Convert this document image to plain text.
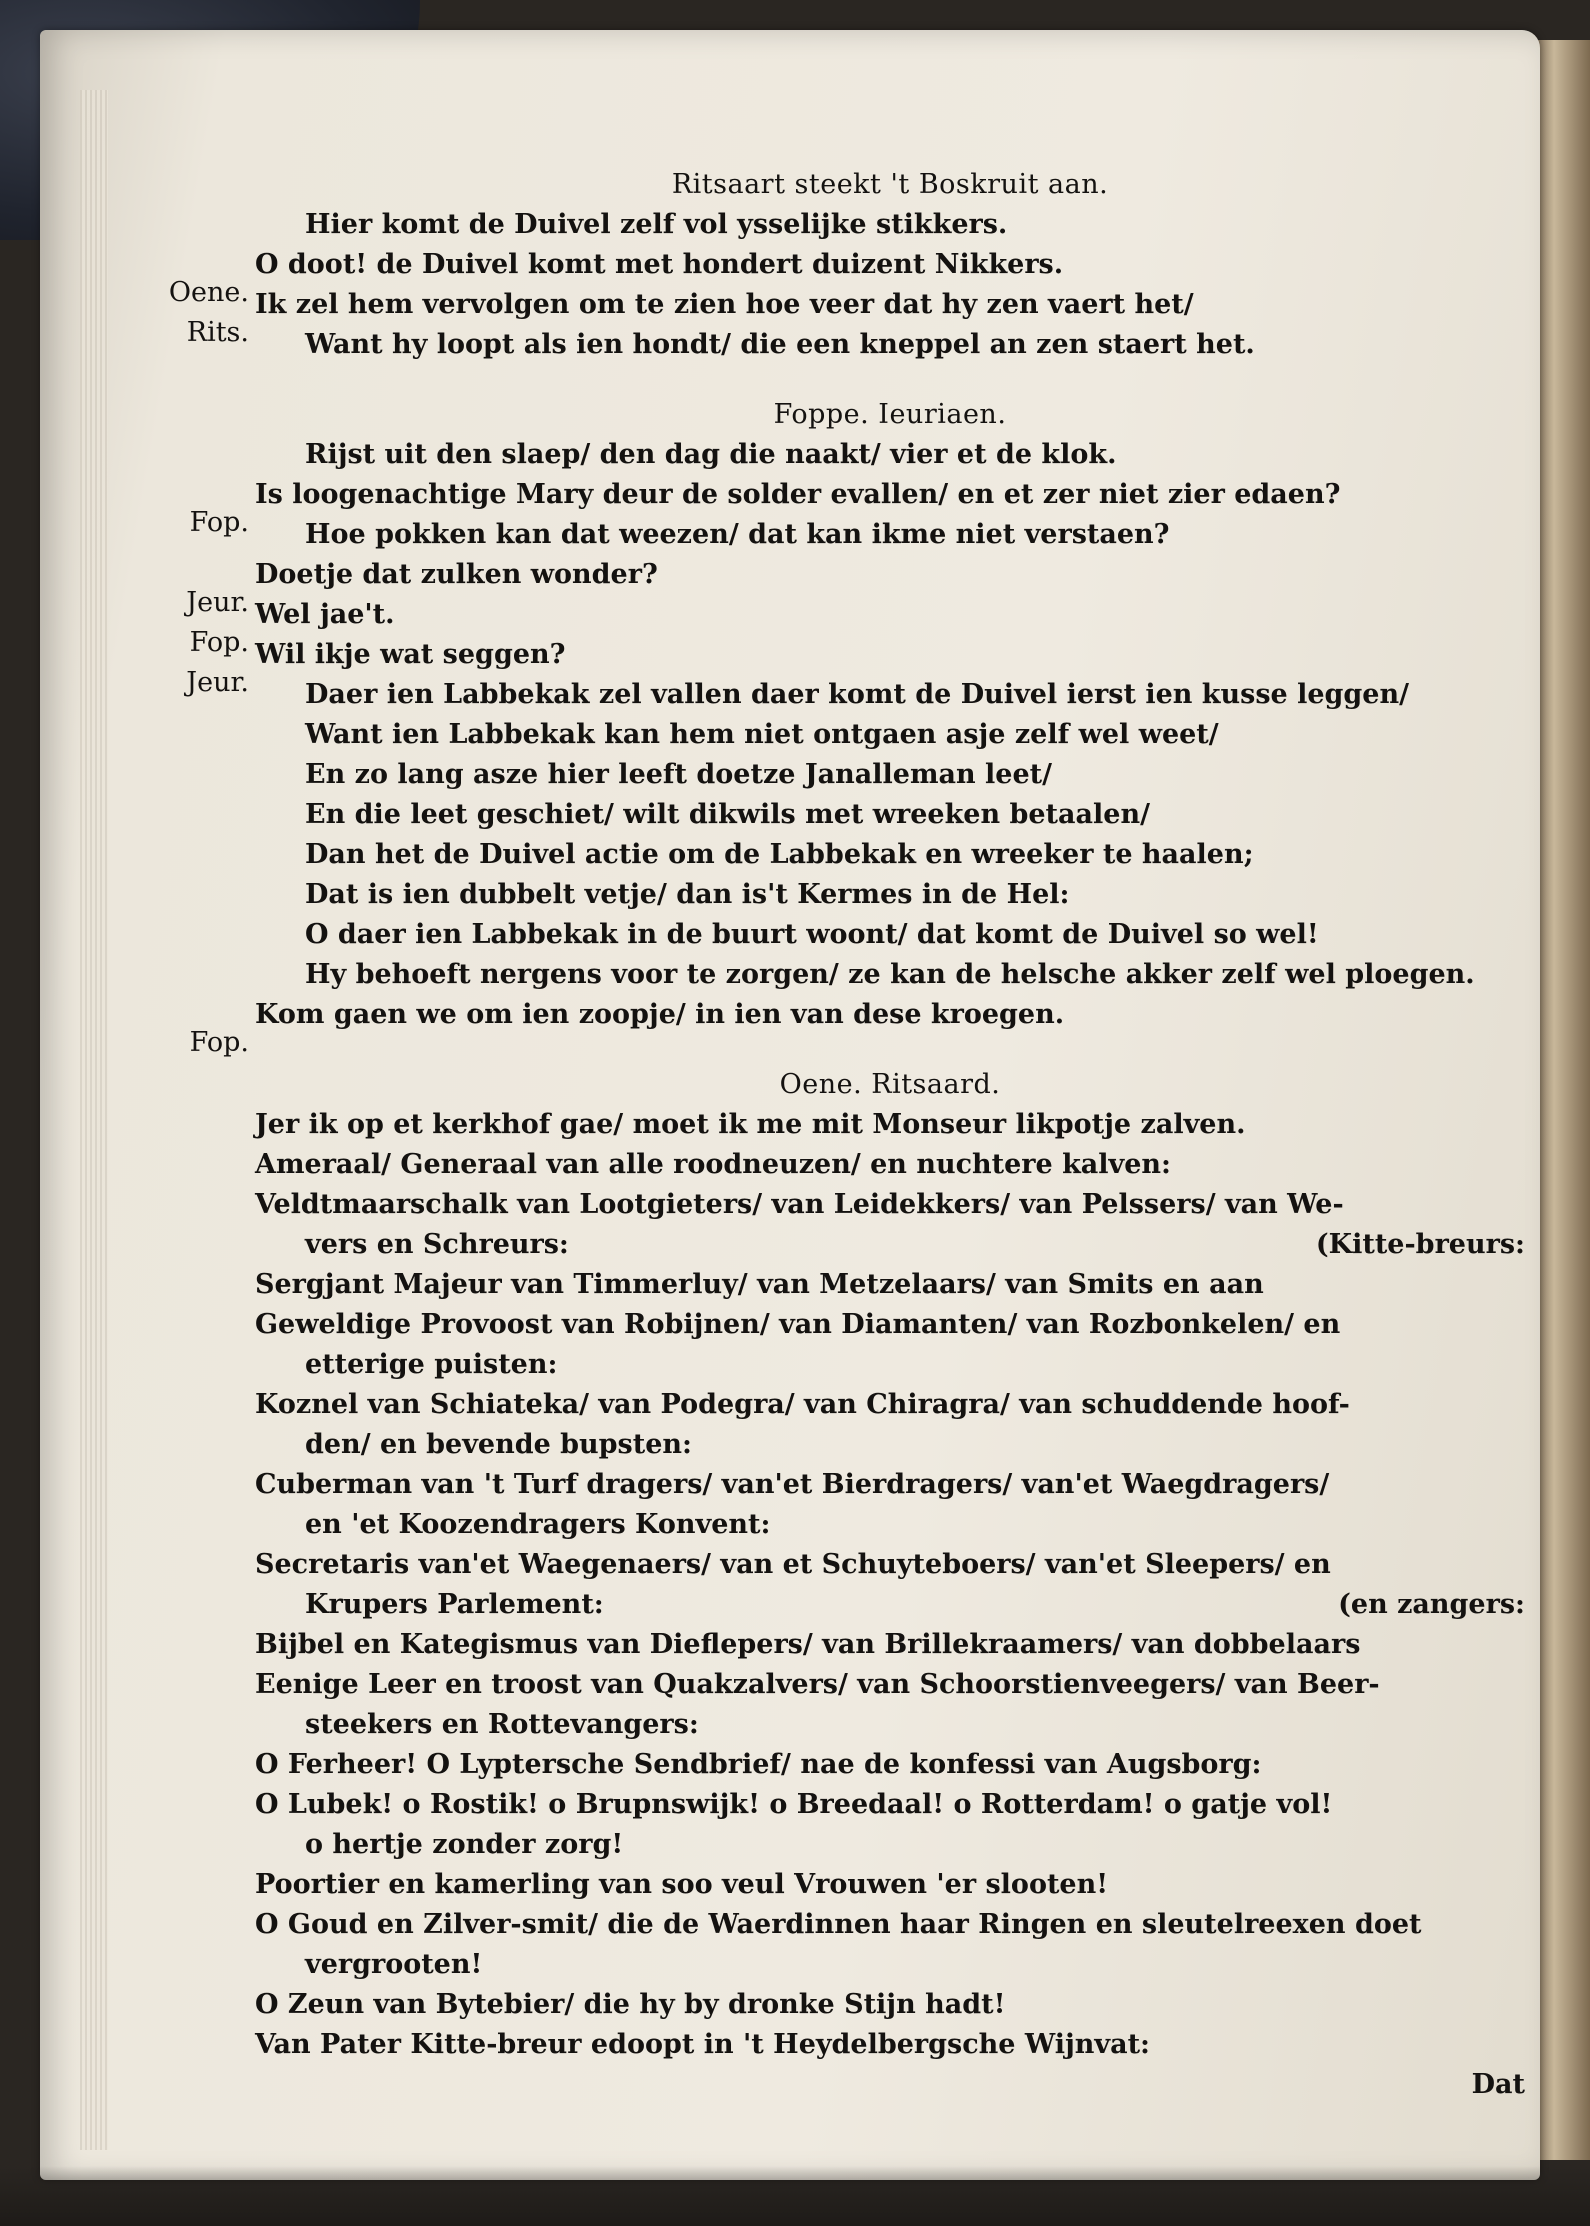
Ritsaart steekt 't Boskruit aan.
Hier komt de Duivel zelf vol ysselijke stikkers.
Oene.
O doot! de Duivel komt met hondert duizent Nikkers.
Rits.
Ik zel hem vervolgen om te zien hoe veer dat hy zen vaert het/
Want hy loopt als ien hondt/ die een kneppel an zen staert het.
Foppe. Ieuriaen.
Rijst uit den slaep/ den dag die naakt/ vier et de klok.
Fop.
Is loogenachtige Mary deur de solder evallen/ en et zer niet zier edaen?
Hoe pokken kan dat weezen/ dat kan ikme niet verstaen?
Jeur.
Doetje dat zulken wonder?
Fop.
Wel jae't.
Jeur.
Wil ikje wat seggen?
Daer ien Labbekak zel vallen daer komt de Duivel ierst ien kusse leggen/
Want ien Labbekak kan hem niet ontgaen asje zelf wel weet/
En zo lang asze hier leeft doetze Janalleman leet/
En die leet geschiet/ wilt dikwils met wreeken betaalen/
Dan het de Duivel actie om de Labbekak en wreeker te haalen;
Dat is ien dubbelt vetje/ dan is't Kermes in de Hel:
O daer ien Labbekak in de buurt woont/ dat komt de Duivel so wel!
Hy behoeft nergens voor te zorgen/ ze kan de helsche akker zelf wel ploegen.
Fop.
Kom gaen we om ien zoopje/ in ien van dese kroegen.
Oene. Ritsaard.
Jer ik op et kerkhof gae/ moet ik me mit Monseur likpotje zalven.
Ameraal/ Generaal van alle roodneuzen/ en nuchtere kalven:
Veldtmaarschalk van Lootgieters/ van Leidekkers/ van Pelssers/ van We-
vers en Schreurs:	(Kitte-breurs:
Sergjant Majeur van Timmerluy/ van Metzelaars/ van Smits en aan
Geweldige Provoost van Robijnen/ van Diamanten/ van Rozbonkelen/ en
etterige puisten:
Koznel van Schiateka/ van Podegra/ van Chiragra/ van schuddende hoof-
den/ en bevende bupsten:
Cuberman van 't Turf dragers/ van'et Bierdragers/ van'et Waegdragers/
en 'et Koozendragers Konvent:
Secretaris van'et Waegenaers/ van et Schuyteboers/ van'et Sleepers/ en
Krupers Parlement:	(en zangers:
Bijbel en Kategismus van Dieflepers/ van Brillekraamers/ van dobbelaars
Eenige Leer en troost van Quakzalvers/ van Schoorstienveegers/ van Beer-
steekers en Rottevangers:
O Ferheer! O Lyptersche Sendbrief/ nae de konfessi van Augsborg:
O Lubek! o Rostik! o Brupnswijk! o Breedaal! o Rotterdam! o gatje vol!
o hertje zonder zorg!
Poortier en kamerling van soo veul Vrouwen 'er slooten!
O Goud en Zilver-smit/ die de Waerdinnen haar Ringen en sleutelreexen doet
vergrooten!
O Zeun van Bytebier/ die hy by dronke Stijn hadt!
Van Pater Kitte-breur edoopt in 't Heydelbergsche Wijnvat:
Dat
